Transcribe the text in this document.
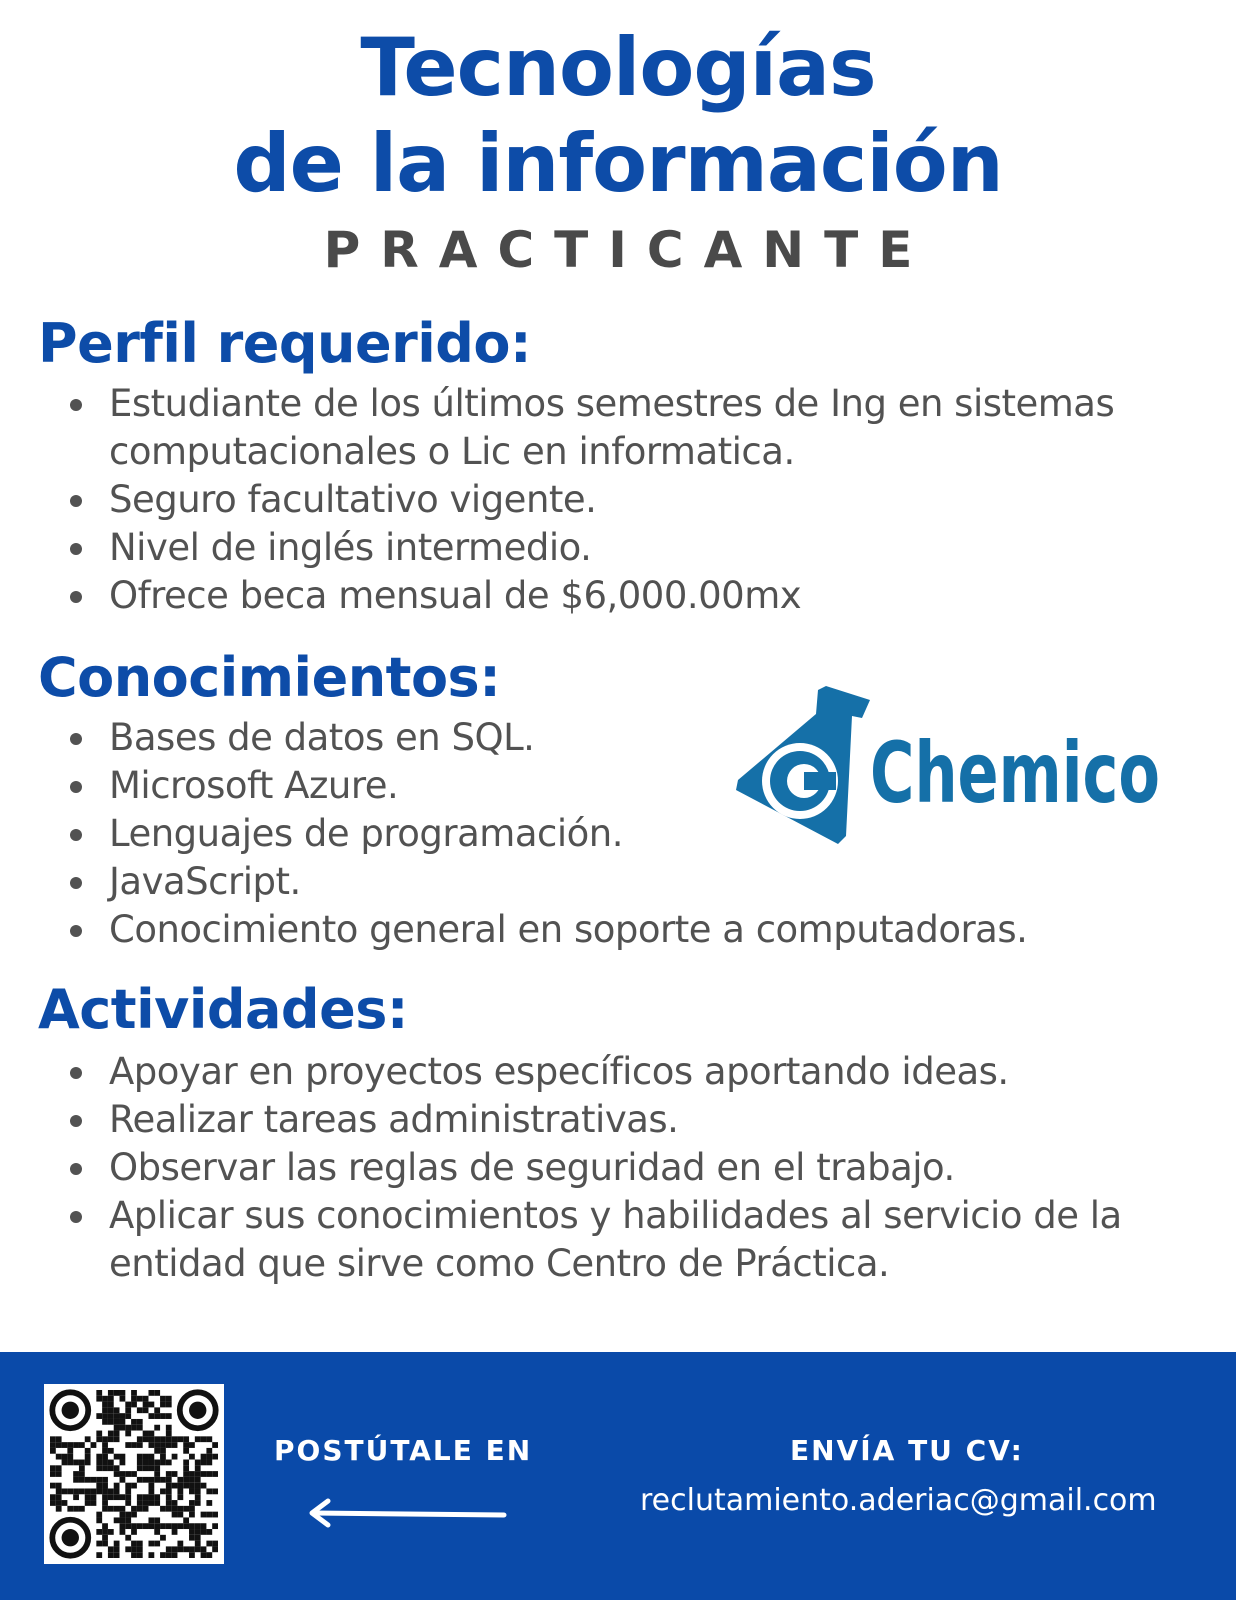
Tecnologías
de la información
PRACTICANTE
Perfil requerido:
Estudiante de los últimos semestres de Ing en sistemas computacionales o Lic en informatica.
Seguro facultativo vigente.
Nivel de inglés intermedio.
Ofrece beca mensual de $6,000.00mx
Conocimientos:
Bases de datos en SQL.
Microsoft Azure.
Lenguajes de programación.
JavaScript.
Conocimiento general en soporte a computadoras.
Chemico
Actividades:
Apoyar en proyectos específicos aportando ideas.
Realizar tareas administrativas.
Observar las reglas de seguridad en el trabajo.
Aplicar sus conocimientos y habilidades al servicio de la entidad que sirve como Centro de Práctica.
POSTÚTALE EN	ENVÍA TU CV:
reclutamiento.aderiac@gmail.com
